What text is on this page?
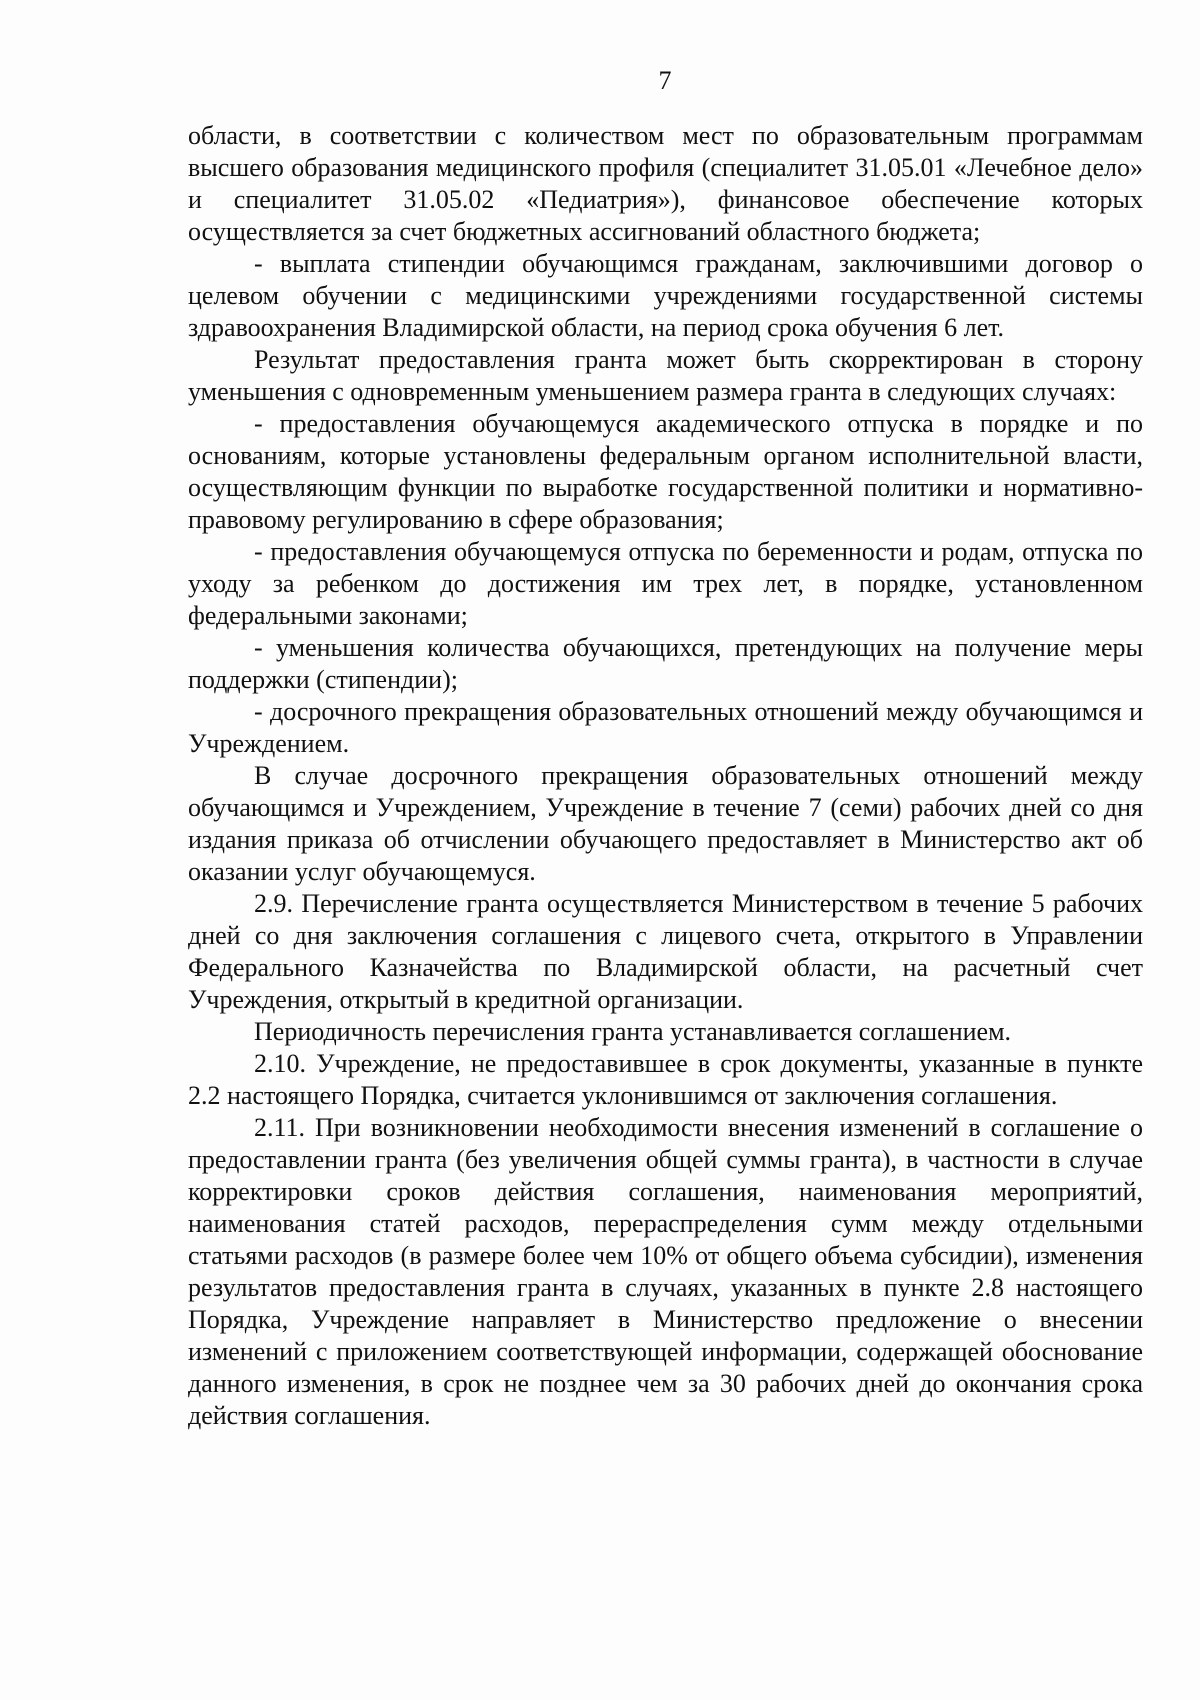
7

области, в соответствии с количеством мест по образовательным программам высшего образования медицинского профиля (специалитет 31.05.01 «Лечебное дело» и специалитет 31.05.02 «Педиатрия»), финансовое обеспечение которых осуществляется за счет бюджетных ассигнований областного бюджета;

- выплата стипендии обучающимся гражданам, заключившими договор о целевом обучении с медицинскими учреждениями государственной системы здравоохранения Владимирской области, на период срока обучения 6 лет.

Результат предоставления гранта может быть скорректирован в сторону уменьшения с одновременным уменьшением размера гранта в следующих случаях:

- предоставления обучающемуся академического отпуска в порядке и по основаниям, которые установлены федеральным органом исполнительной власти, осуществляющим функции по выработке государственной политики и нормативно-правовому регулированию в сфере образования;

- предоставления обучающемуся отпуска по беременности и родам, отпуска по уходу за ребенком до достижения им трех лет, в порядке, установленном федеральными законами;

- уменьшения количества обучающихся, претендующих на получение меры поддержки (стипендии);

- досрочного прекращения образовательных отношений между обучающимся и Учреждением.

В случае досрочного прекращения образовательных отношений между обучающимся и Учреждением, Учреждение в течение 7 (семи) рабочих дней со дня издания приказа об отчислении обучающего предоставляет в Министерство акт об оказании услуг обучающемуся.

2.9. Перечисление гранта осуществляется Министерством в течение 5 рабочих дней со дня заключения соглашения с лицевого счета, открытого в Управлении Федерального Казначейства по Владимирской области, на расчетный счет Учреждения, открытый в кредитной организации.

Периодичность перечисления гранта устанавливается соглашением.

2.10. Учреждение, не предоставившее в срок документы, указанные в пункте 2.2 настоящего Порядка, считается уклонившимся от заключения соглашения.

2.11. При возникновении необходимости внесения изменений в соглашение о предоставлении гранта (без увеличения общей суммы гранта), в частности в случае корректировки сроков действия соглашения, наименования мероприятий, наименования статей расходов, перераспределения сумм между отдельными статьями расходов (в размере более чем 10% от общего объема субсидии), изменения результатов предоставления гранта в случаях, указанных в пункте 2.8 настоящего Порядка, Учреждение направляет в Министерство предложение о внесении изменений с приложением соответствующей информации, содержащей обоснование данного изменения, в срок не позднее чем за 30 рабочих дней до окончания срока действия соглашения.
